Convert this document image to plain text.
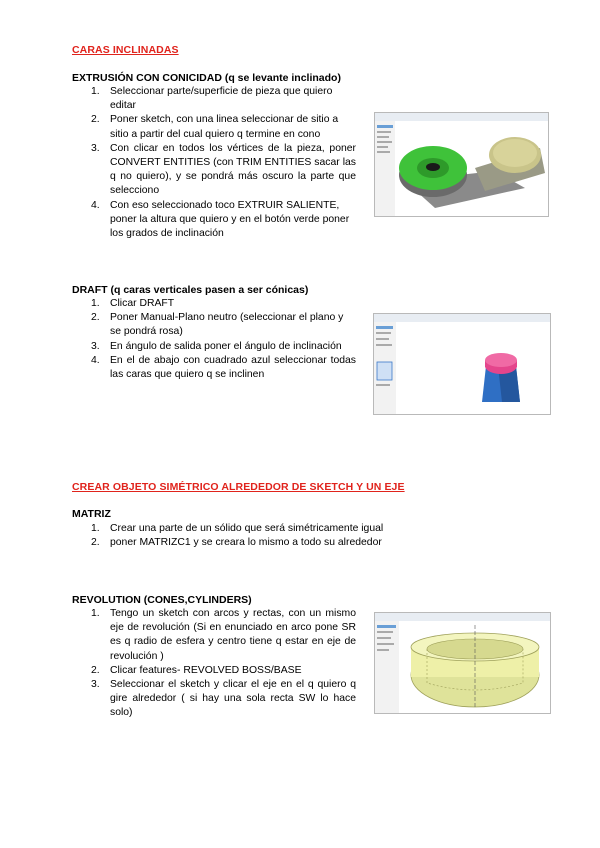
CARAS INCLINADAS
EXTRUSIÓN CON CONICIDAD (q se levante inclinado)
1. Seleccionar parte/superficie de pieza que quiero editar
2. Poner sketch, con una linea seleccionar de sitio a sitio a partir del cual quiero q termine en cono
3. Con clicar en todos los vértices de la pieza, poner CONVERT ENTITIES (con TRIM ENTITIES sacar las q no quiero), y se pondrá más oscuro la parte que selecciono
4. Con eso seleccionado toco EXTRUIR SALIENTE, poner la altura que quiero y en el botón verde poner los grados de inclinación
DRAFT (q caras verticales pasen a ser cónicas)
1. Clicar DRAFT
2. Poner Manual-Plano neutro (seleccionar el plano y se pondrá rosa)
3. En ángulo de salida poner el ángulo de inclinación
4. En el de abajo con cuadrado azul seleccionar todas las caras que quiero q se inclinen
CREAR OBJETO SIMÉTRICO ALREDEDOR DE SKETCH Y UN EJE
MATRIZ
1. Crear una parte de un sólido que será simétricamente igual
2. poner MATRIZC1 y se creara lo mismo a todo su alrededor
REVOLUTION (CONES,CYLINDERS)
1. Tengo un sketch con arcos y rectas, con un mismo eje de revolución (Si en enunciado en arco pone SR es q radio de esfera y centro tiene q estar en eje de revolución )
2. Clicar features- REVOLVED BOSS/BASE
3. Seleccionar el sketch y clicar el eje en el q quiero q gire alrededor ( si hay una sola recta SW lo hace solo)
